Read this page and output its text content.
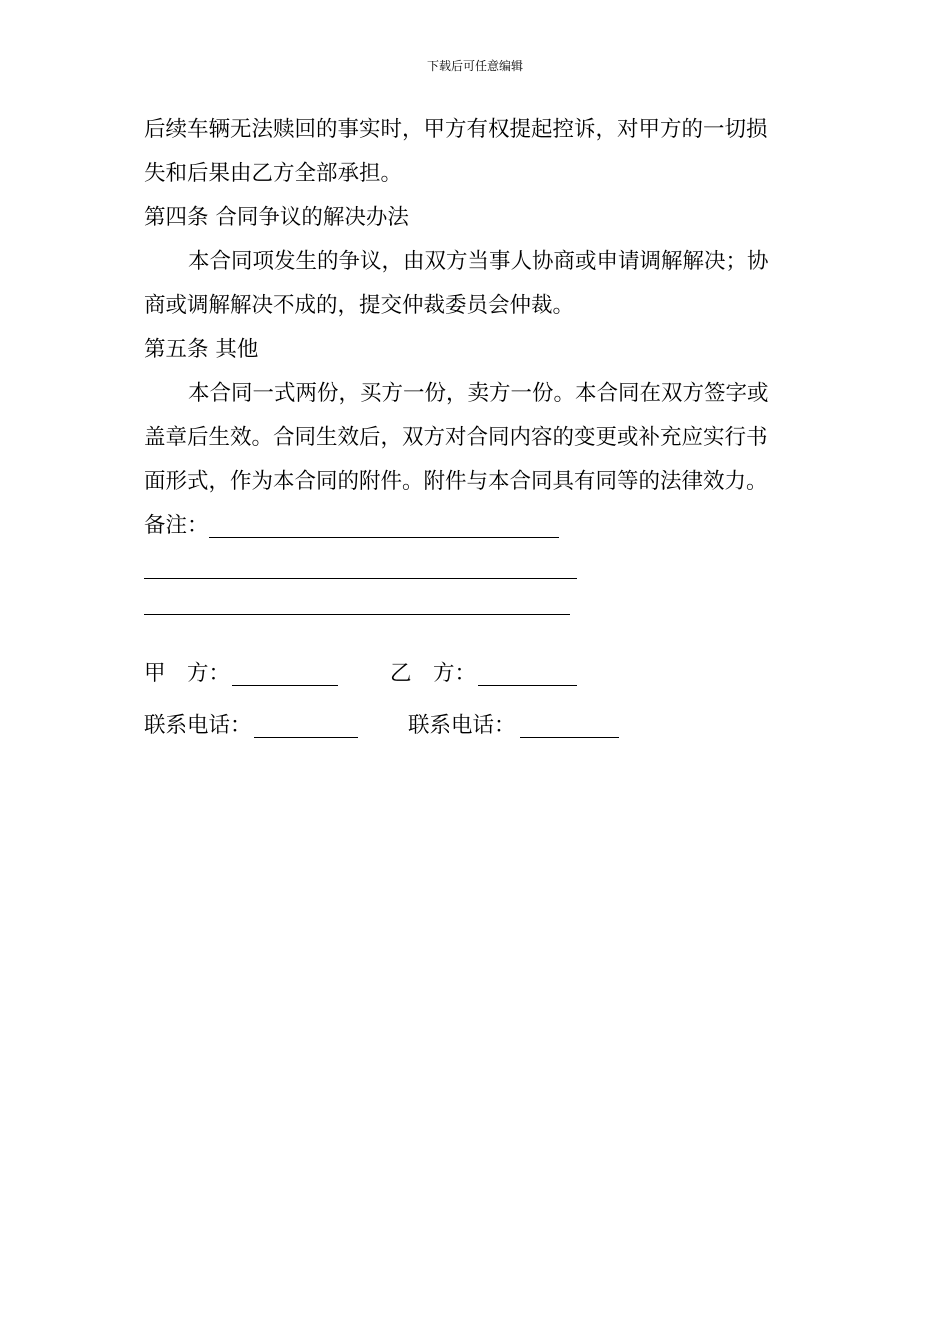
下载后可任意编辑
后续车辆无法赎回的事实时，甲方有权提起控诉，对甲方的一切损
失和后果由乙方全部承担。
第四条 合同争议的解决办法
本合同项发生的争议，由双方当事人协商或申请调解解决；协
商或调解解决不成的，提交仲裁委员会仲裁。
第五条 其他
本合同一式两份，买方一份，卖方一份。本合同在双方签字或
盖章后生效。合同生效后，双方对合同内容的变更或补充应实行书
面形式，作为本合同的附件。附件与本合同具有同等的法律效力。
备注：
甲　方：	乙　方：
联系电话：	联系电话：
